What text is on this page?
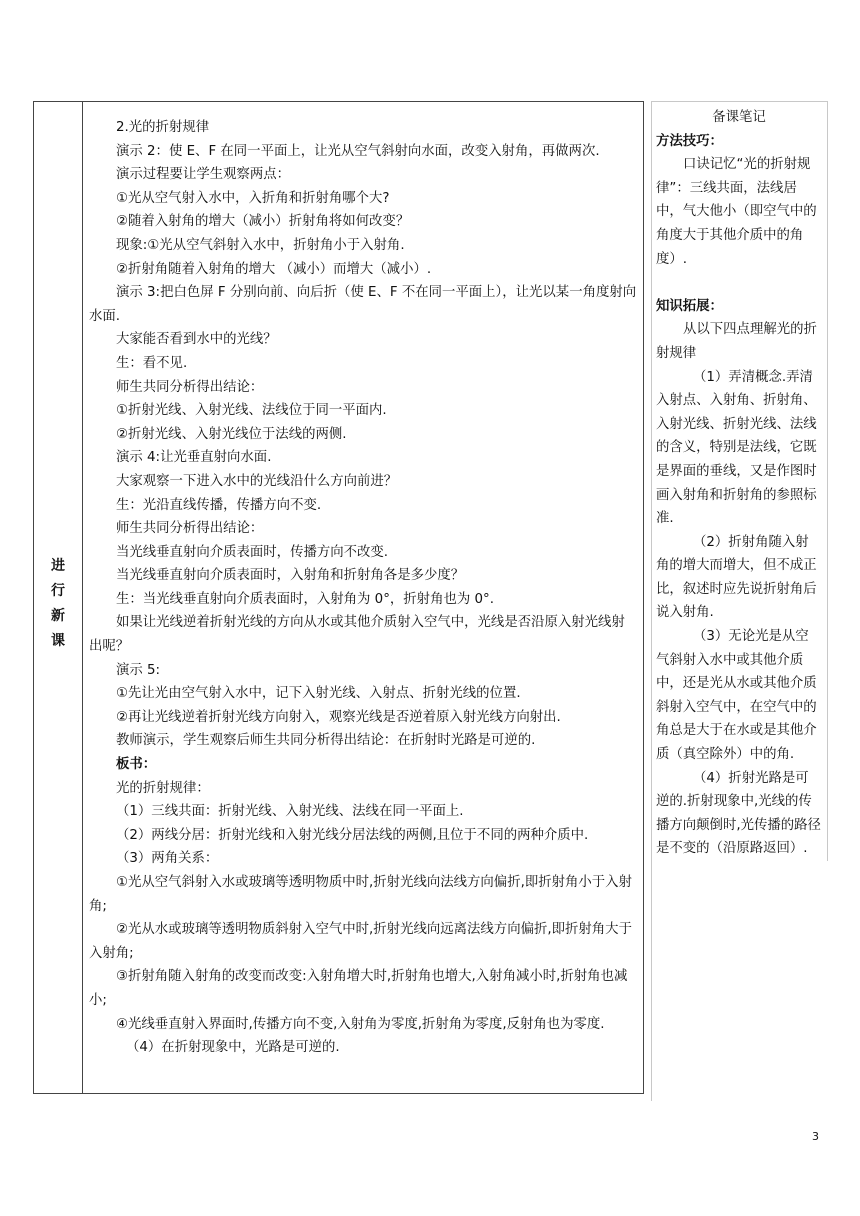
进
行
新
课

2.光的折射规律

演示 2：使 E、F 在同一平面上，让光从空气斜射向水面，改变入射角，再做两次.

演示过程要让学生观察两点：

①光从空气射入水中，入折角和折射角哪个大?

②随着入射角的增大（减小）折射角将如何改变？

现象:①光从空气斜射入水中，折射角小于入射角.

②折射角随着入射角的增大 （减小）而增大（减小）.

演示 3:把白色屏 F 分别向前、向后折（使 E、F 不在同一平面上），让光以某一角度射向水面.

大家能否看到水中的光线？

生：看不见.

师生共同分析得出结论：

①折射光线、入射光线、法线位于同一平面内.

②折射光线、入射光线位于法线的两侧.

演示 4:让光垂直射向水面.

大家观察一下进入水中的光线沿什么方向前进？

生：光沿直线传播，传播方向不变.

师生共同分析得出结论：

当光线垂直射向介质表面时，传播方向不改变.

当光线垂直射向介质表面时，入射角和折射角各是多少度？

生：当光线垂直射向介质表面时，入射角为 0°，折射角也为 0°.

如果让光线逆着折射光线的方向从水或其他介质射入空气中，光线是否沿原入射光线射出呢？

演示 5:

①先让光由空气射入水中，记下入射光线、入射点、折射光线的位置.

②再让光线逆着折射光线方向射入，观察光线是否逆着原入射光线方向射出.

教师演示，学生观察后师生共同分析得出结论：在折射时光路是可逆的.

板书：

光的折射规律：

（1）三线共面：折射光线、入射光线、法线在同一平面上.

（2）两线分居：折射光线和入射光线分居法线的两侧,且位于不同的两种介质中.

（3）两角关系：

①光从空气斜射入水或玻璃等透明物质中时,折射光线向法线方向偏折,即折射角小于入射角;

②光从水或玻璃等透明物质斜射入空气中时,折射光线向远离法线方向偏折,即折射角大于入射角;

③折射角随入射角的改变而改变:入射角增大时,折射角也增大,入射角减小时,折射角也减小;

④光线垂直射入界面时,传播方向不变,入射角为零度,折射角为零度,反射角也为零度.

（4）在折射现象中，光路是可逆的.

备课笔记

方法技巧：

口诀记忆“光的折射规律”：三线共面，法线居中，气大他小（即空气中的角度大于其他介质中的角度）.

知识拓展：

从以下四点理解光的折射规律

（1）弄清概念.弄清入射点、入射角、折射角、入射光线、折射光线、法线的含义，特别是法线，它既是界面的垂线，又是作图时画入射角和折射角的参照标准.

（2）折射角随入射角的增大而增大，但不成正比，叙述时应先说折射角后说入射角.

（3）无论光是从空气斜射入水中或其他介质中，还是光从水或其他介质斜射入空气中，在空气中的角总是大于在水或是其他介质（真空除外）中的角.

（4）折射光路是可逆的.折射现象中,光线的传播方向颠倒时,光传播的路径是不变的（沿原路返回）.

3
